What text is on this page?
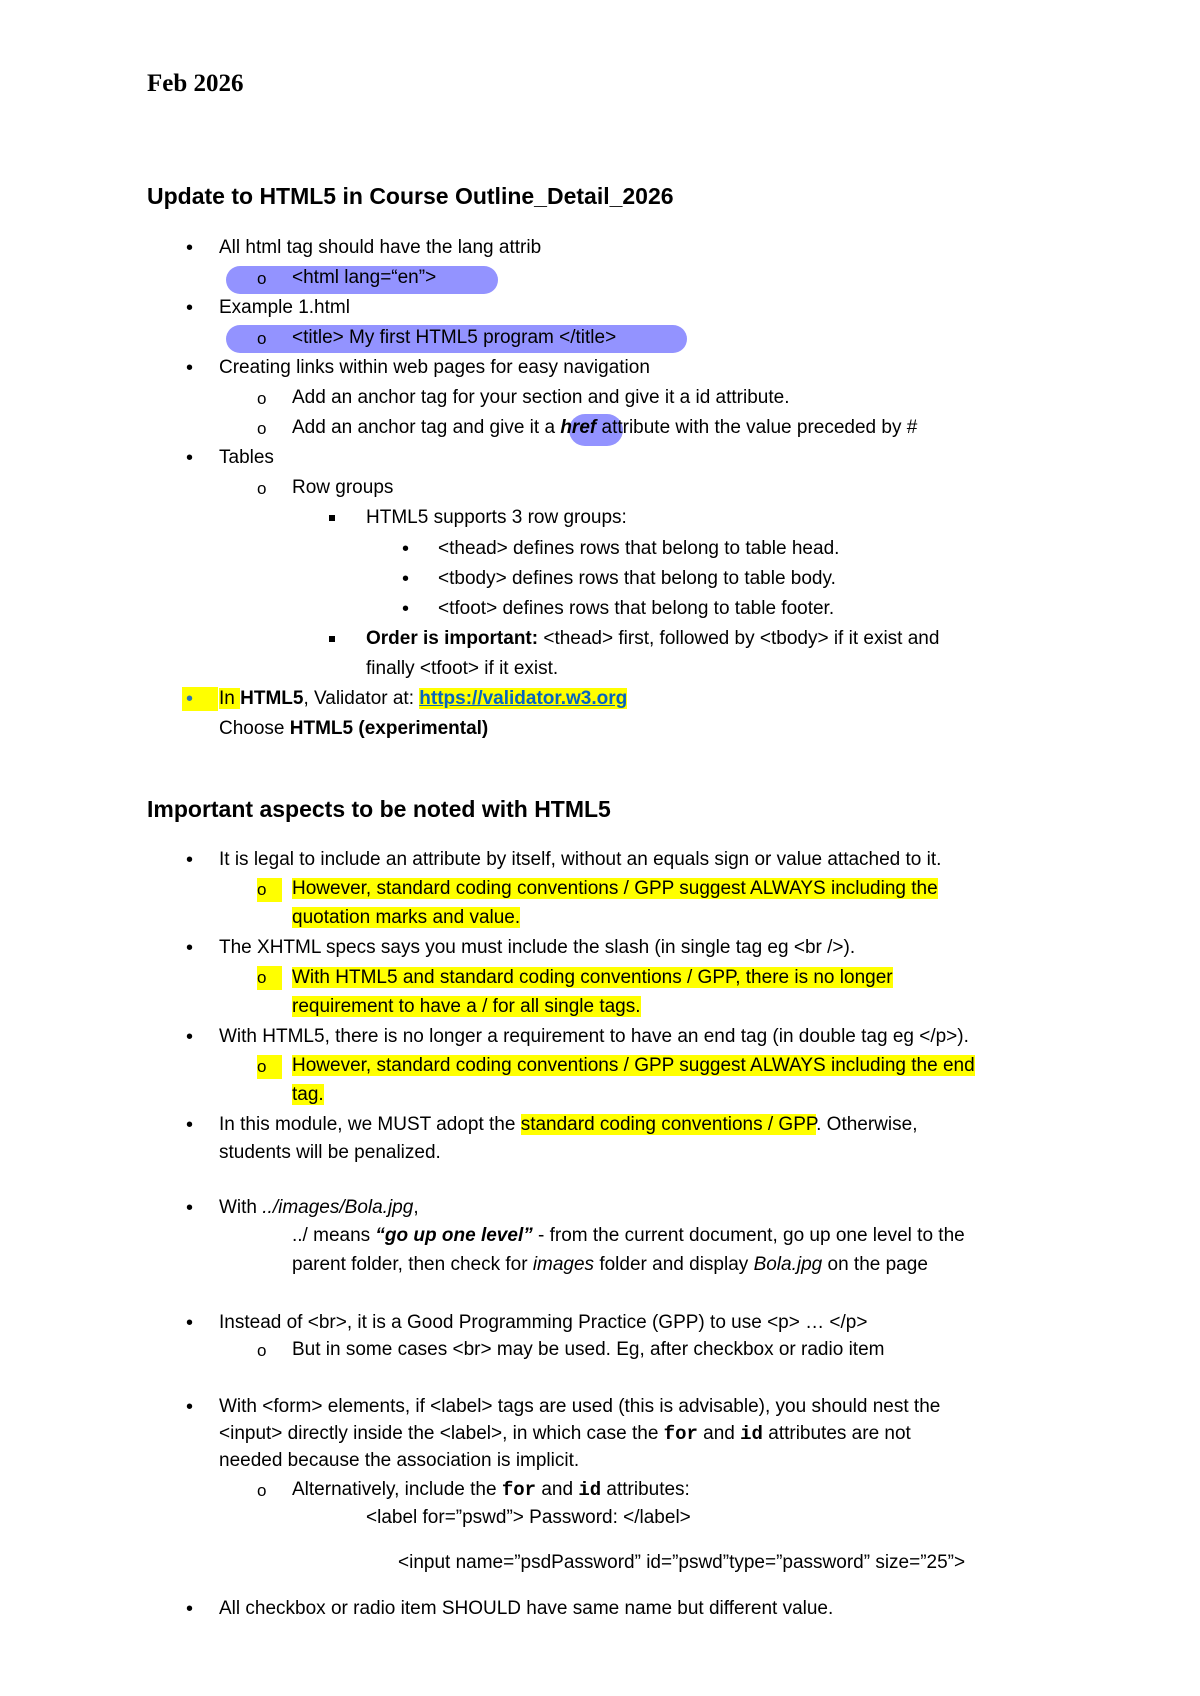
Feb 2026
Update to HTML5 in Course Outline_Detail_2026
•
All html tag should have the lang attrib
o <html lang=“en”>
•
Example 1.html
o <title> My first HTML5 program </title>
•
Creating links within web pages for easy navigation
o Add an anchor tag for your section and give it a id attribute.
o Add an anchor tag and give it a href attribute with the value preceded by #
•
Tables
o Row groups
HTML5 supports 3 row groups:
•
<thead> defines rows that belong to table head.
•
<tbody> defines rows that belong to table body.
•
<tfoot> defines rows that belong to table footer.
Order is important: <thead> first, followed by <tbody> if it exist and
finally <tfoot> if it exist.
•
In HTML5, Validator at: https://validator.w3.org
Choose HTML5 (experimental)
Important aspects to be noted with HTML5
•
It is legal to include an attribute by itself, without an equals sign or value attached to it.
o	However, standard coding conventions / GPP suggest ALWAYS including the
quotation marks and value.
•
The XHTML specs says you must include the slash (in single tag eg <br />).
o	With HTML5 and standard coding conventions / GPP, there is no longer
requirement to have a / for all single tags.
•
With HTML5, there is no longer a requirement to have an end tag (in double tag eg </p>).
o	However, standard coding conventions / GPP suggest ALWAYS including the end
tag.
•
In this module, we MUST adopt the standard coding conventions / GPP. Otherwise,
students will be penalized.
•
With ../images/Bola.jpg,
../ means “go up one level” - from the current document, go up one level to the
parent folder, then check for images folder and display Bola.jpg on the page
•
Instead of <br>, it is a Good Programming Practice (GPP) to use <p> … </p>
o But in some cases <br> may be used. Eg, after checkbox or radio item
•
With <form> elements, if <label> tags are used (this is advisable), you should nest the
<input> directly inside the <label>, in which case the for and id attributes are not
needed because the association is implicit.
o Alternatively, include the for and id attributes:
<label for=”pswd”> Password: </label>
<input name=”psdPassword” id=”pswd”type=”password” size=”25”>
•
All checkbox or radio item SHOULD have same name but different value.
